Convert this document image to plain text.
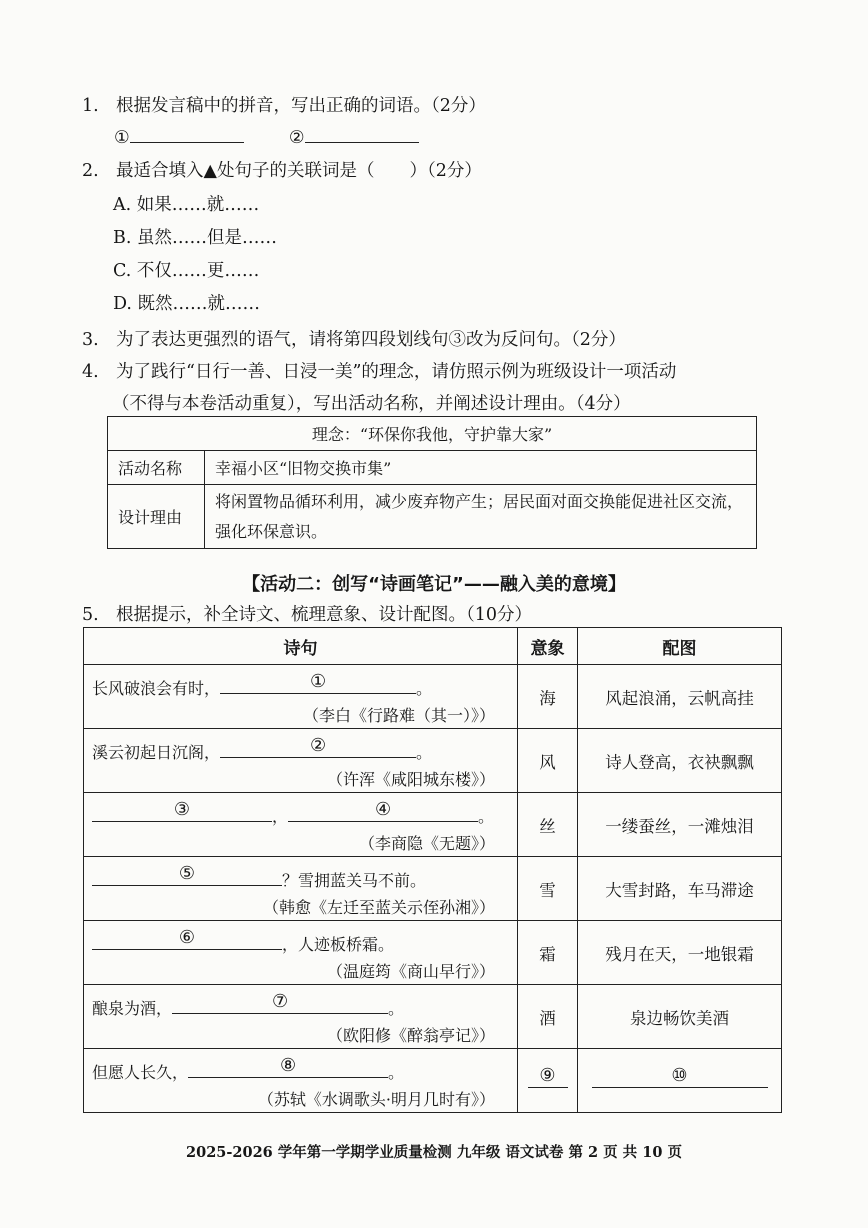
1. 根据发言稿中的拼音，写出正确的词语。（2分）
①	②
2. 最适合填入▲处句子的关联词是（　　）（2分）
A. 如果……就……
B. 虽然……但是……
C. 不仅……更……
D. 既然……就……
3. 为了表达更强烈的语气，请将第四段划线句③改为反问句。（2分）
4. 为了践行“日行一善、日浸一美”的理念，请仿照示例为班级设计一项活动
（不得与本卷活动重复），写出活动名称，并阐述设计理由。（4分）
理念：“环保你我他，守护靠大家”	
活动名称	幸福小区“旧物交换市集”
设计理由	将闲置物品循环利用，减少废弃物产生；居民面对面交换能促进社区交流，强化环保意识。
【活动二：创写“诗画笔记”——融入美的意境】
5. 根据提示，补全诗文、梳理意象、设计配图。（10分）
诗句	意象	配图

长风破浪会有时， ① 。
（李白《行路难（其一）》）	海	风起浪涌，云帆高挂

溪云初起日沉阁， ② 。
（许浑《咸阳城东楼》）	风	诗人登高，衣袂飘飘

③ ， ④ 。
（李商隐《无题》）	丝	一缕蚕丝，一滩烛泪

⑤ ？雪拥蓝关马不前。
（韩愈《左迁至蓝关示侄孙湘》）	雪	大雪封路，车马滞途

⑥ ，人迹板桥霜。
（温庭筠《商山早行》）	霜	残月在天，一地银霜

酿泉为酒， ⑦ 。
（欧阳修《醉翁亭记》）	酒	泉边畅饮美酒

但愿人长久， ⑧ 。
（苏轼《水调歌头·明月几时有》）	⑨	⑩
2025-2026 学年第一学期学业质量检测 九年级 语文试卷 第 2 页 共 10 页
